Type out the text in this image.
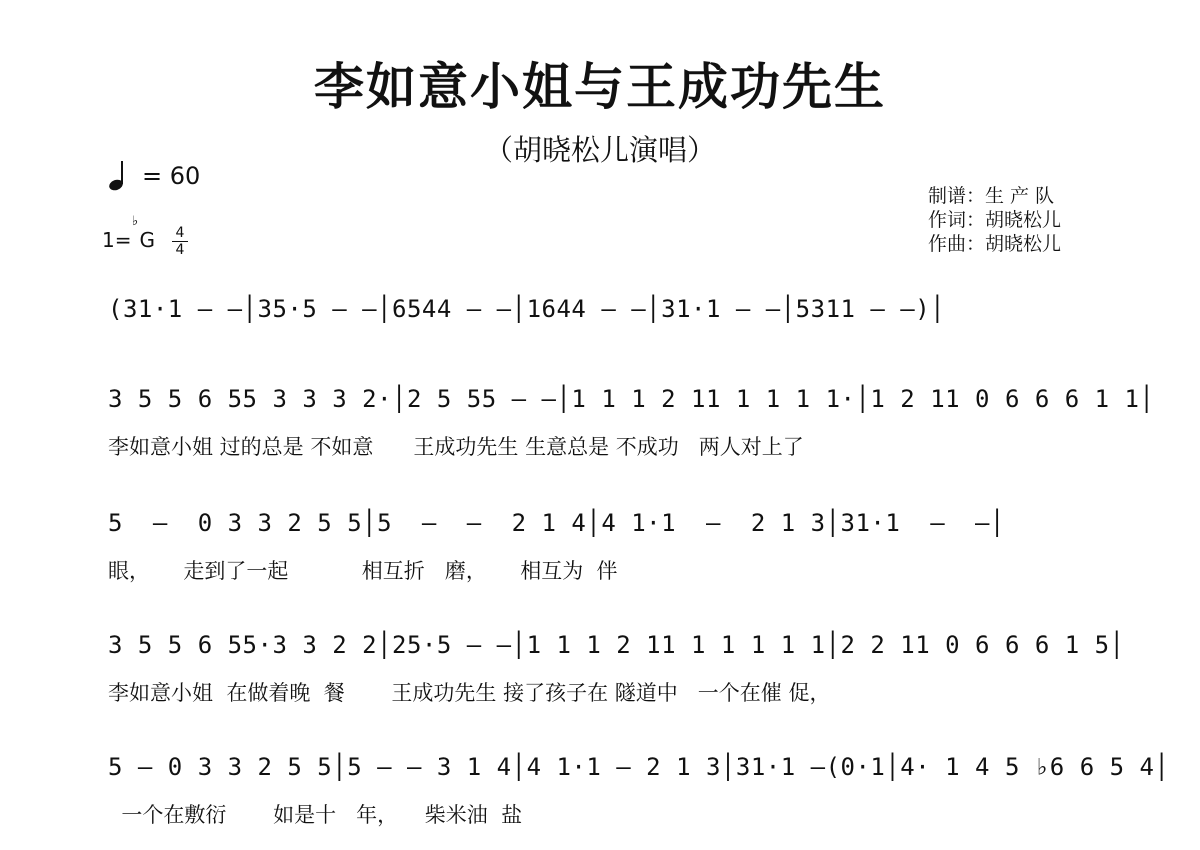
李如意小姐与王成功先生
（胡晓松儿演唱）
= 60
1= G
♭
4
4
制谱：生 产 队
作词：胡晓松儿
作曲：胡晓松儿
(31·1 — —│35·5 — —│6544 — —│1644 — —│31·1 — —│5311 — —)│
3 5 5 6 55 3 3 3 2·│2 5 55 — —│1 1 1 2 11 1 1 1 1·│1 2 11 0 6 6 6 1 1│
李如意小姐 过的总是 不如意      王成功先生 生意总是 不成功   两人对上了
5  —  0 3 3 2 5 5│5  —  —  2 1 4│4 1·1  —  2 1 3│31·1  —  —│
眼，     走到了一起           相互折   磨，     相互为  伴
3 5 5 6 55·3 3 2 2│25·5 — —│1 1 1 2 11 1 1 1 1 1│2 2 11 0 6 6 6 1 5│
李如意小姐  在做着晚  餐       王成功先生 接了孩子在 隧道中   一个在催 促，
5 — 0 3 3 2 5 5│5 — — 3 1 4│4 1·1 — 2 1 3│31·1 —(0·1│4· 1 4 5 ♭6 6 5 4│
一个在敷衍       如是十   年，    柴米油  盐
